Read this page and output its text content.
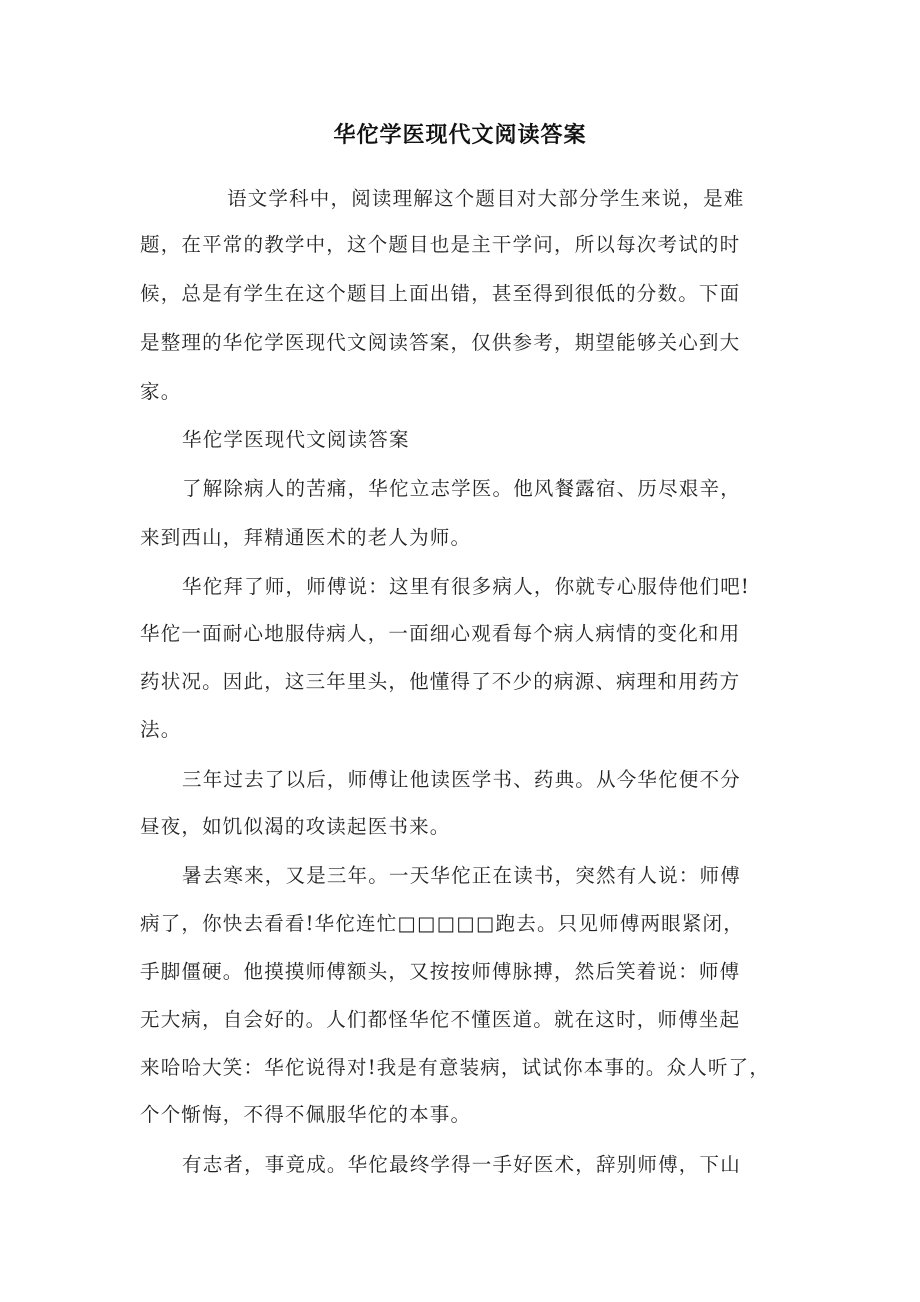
华佗学医现代文阅读答案

语文学科中，阅读理解这个题目对大部分学生来说，是难

题，在平常的教学中，这个题目也是主干学问，所以每次考试的时

候，总是有学生在这个题目上面出错，甚至得到很低的分数。下面

是整理的华佗学医现代文阅读答案，仅供参考，期望能够关心到大

家。

华佗学医现代文阅读答案

了解除病人的苦痛，华佗立志学医。他风餐露宿、历尽艰辛，

来到西山，拜精通医术的老人为师。

华佗拜了师，师傅说：这里有很多病人，你就专心服侍他们吧!

华佗一面耐心地服侍病人，一面细心观看每个病人病情的变化和用

药状况。因此，这三年里头，他懂得了不少的病源、病理和用药方

法。

三年过去了以后，师傅让他读医学书、药典。从今华佗便不分

昼夜，如饥似渴的攻读起医书来。

暑去寒来，又是三年。一天华佗正在读书，突然有人说：师傅

病了，你快去看看!华佗连忙□□□□□跑去。只见师傅两眼紧闭，

手脚僵硬。他摸摸师傅额头，又按按师傅脉搏，然后笑着说：师傅

无大病，自会好的。人们都怪华佗不懂医道。就在这时，师傅坐起

来哈哈大笑：华佗说得对!我是有意装病，试试你本事的。众人听了，

个个惭悔，不得不佩服华佗的本事。

有志者，事竟成。华佗最终学得一手好医术，辞别师傅，下山
